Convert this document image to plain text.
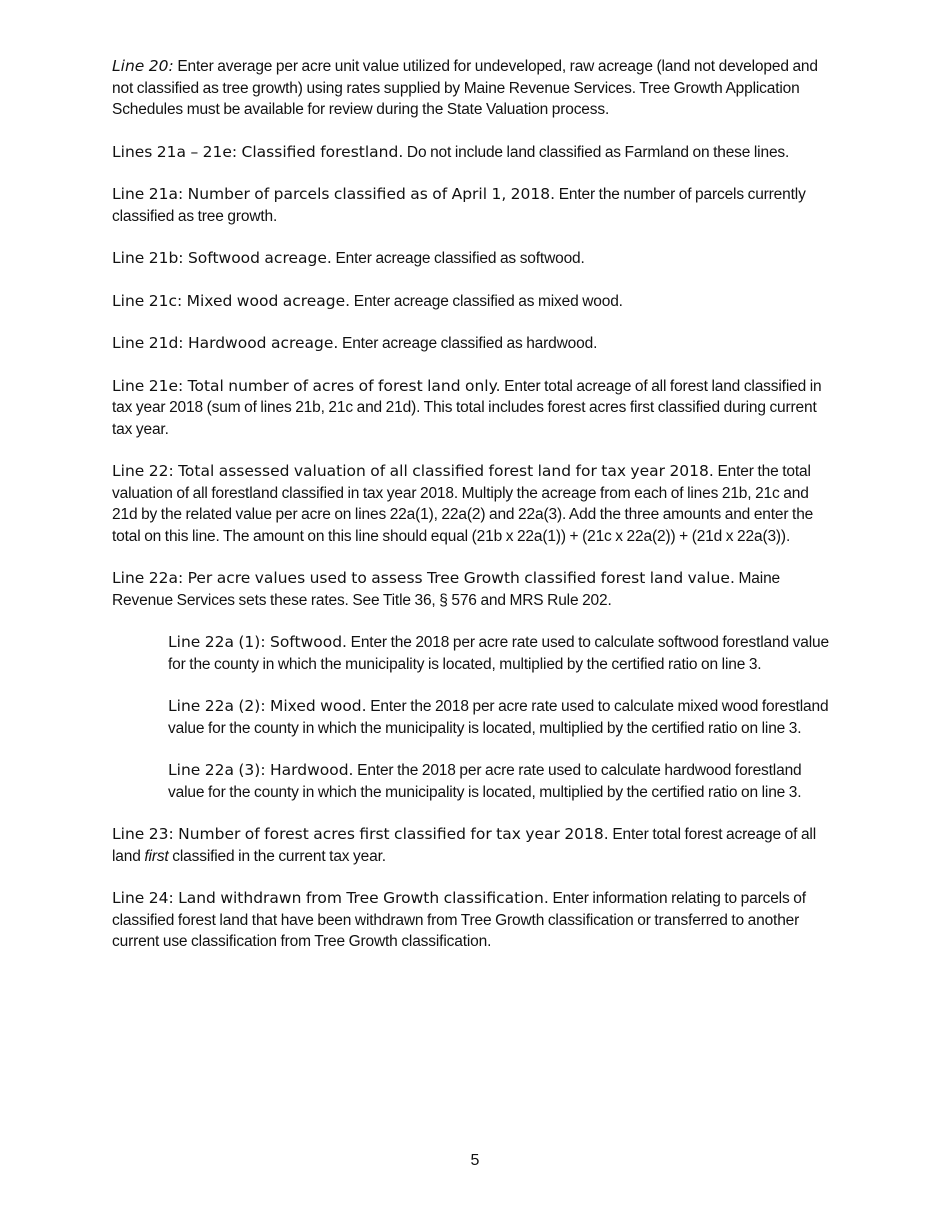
Line 20: Enter average per acre unit value utilized for undeveloped, raw acreage (land not developed and not classified as tree growth) using rates supplied by Maine Revenue Services. Tree Growth Application Schedules must be available for review during the State Valuation process.

Lines 21a – 21e: Classified forestland. Do not include land classified as Farmland on these lines.

Line 21a: Number of parcels classified as of April 1, 2018. Enter the number of parcels currently classified as tree growth.

Line 21b: Softwood acreage. Enter acreage classified as softwood.

Line 21c: Mixed wood acreage. Enter acreage classified as mixed wood.

Line 21d: Hardwood acreage. Enter acreage classified as hardwood.

Line 21e: Total number of acres of forest land only. Enter total acreage of all forest land classified in tax year 2018 (sum of lines 21b, 21c and 21d). This total includes forest acres first classified during current tax year.

Line 22: Total assessed valuation of all classified forest land for tax year 2018. Enter the total valuation of all forestland classified in tax year 2018. Multiply the acreage from each of lines 21b, 21c and 21d by the related value per acre on lines 22a(1), 22a(2) and 22a(3). Add the three amounts and enter the total on this line. The amount on this line should equal (21b x 22a(1)) + (21c x 22a(2)) + (21d x 22a(3)).

Line 22a: Per acre values used to assess Tree Growth classified forest land value. Maine Revenue Services sets these rates. See Title 36, § 576 and MRS Rule 202.

Line 22a (1): Softwood. Enter the 2018 per acre rate used to calculate softwood forestland value for the county in which the municipality is located, multiplied by the certified ratio on line 3.

Line 22a (2): Mixed wood. Enter the 2018 per acre rate used to calculate mixed wood forestland value for the county in which the municipality is located, multiplied by the certified ratio on line 3.

Line 22a (3): Hardwood. Enter the 2018 per acre rate used to calculate hardwood forestland value for the county in which the municipality is located, multiplied by the certified ratio on line 3.

Line 23: Number of forest acres first classified for tax year 2018. Enter total forest acreage of all land first classified in the current tax year.

Line 24: Land withdrawn from Tree Growth classification. Enter information relating to parcels of classified forest land that have been withdrawn from Tree Growth classification or transferred to another current use classification from Tree Growth classification.

5
